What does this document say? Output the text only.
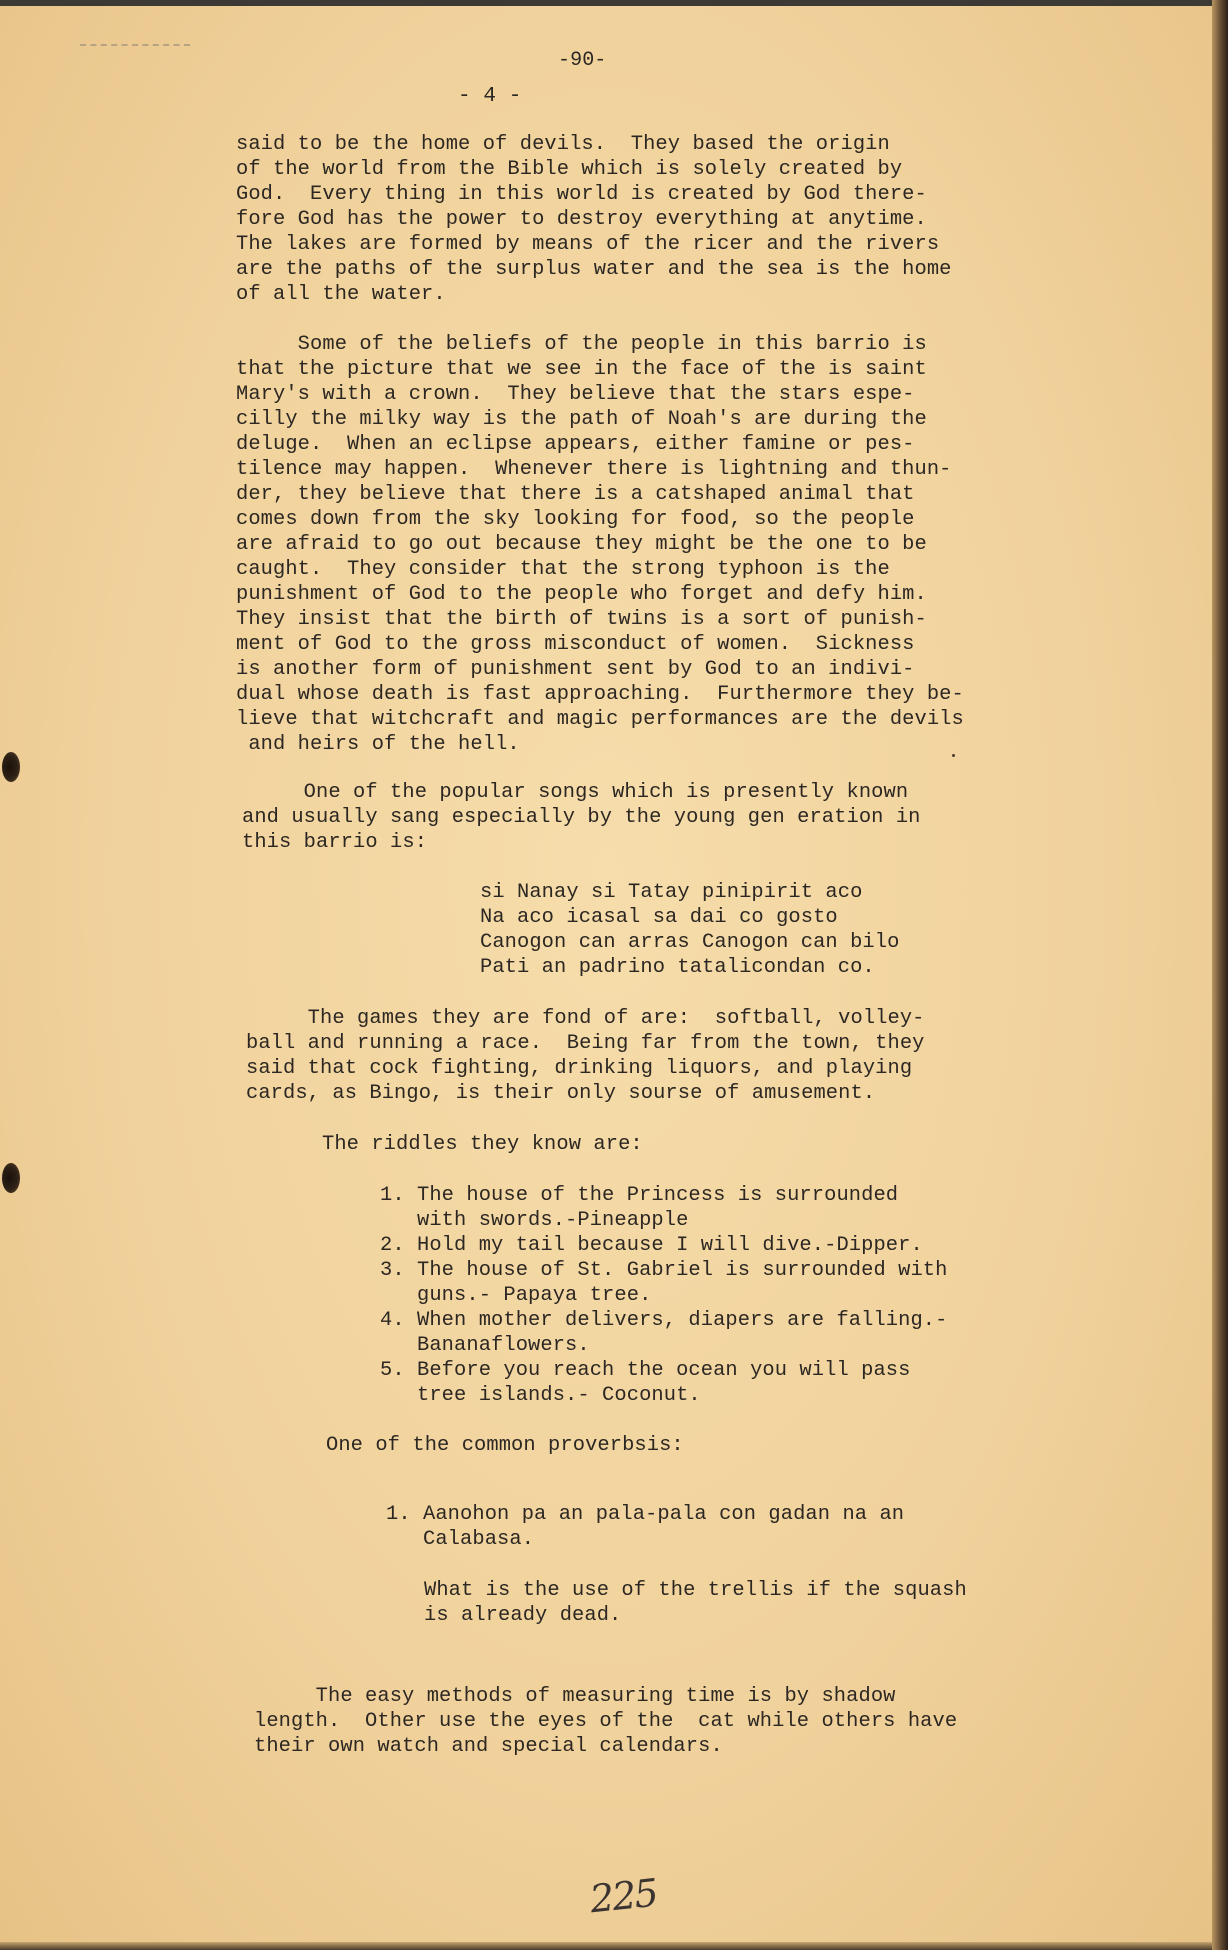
-90-

- 4 -

said to be the home of devils.  They based the origin
of the world from the Bible which is solely created by
God.  Every thing in this world is created by God there-
fore God has the power to destroy everything at anytime.
The lakes are formed by means of the ricer and the rivers
are the paths of the surplus water and the sea is the home
of all the water.

Some of the beliefs of the people in this barrio is
that the picture that we see in the face of the is saint
Mary's with a crown.  They believe that the stars espe-
cilly the milky way is the path of Noah's are during the
deluge.  When an eclipse appears, either famine or pes-
tilence may happen.  Whenever there is lightning and thun-
der, they believe that there is a catshaped animal that
comes down from the sky looking for food, so the people
are afraid to go out because they might be the one to be
caught.  They consider that the strong typhoon is the
punishment of God to the people who forget and defy him.
They insist that the birth of twins is a sort of punish-
ment of God to the gross misconduct of women.  Sickness
is another form of punishment sent by God to an indivi-
dual whose death is fast approaching.  Furthermore they be-
lieve that witchcraft and magic performances are the devils
and heirs of the hell.

One of the popular songs which is presently known
and usually sang especially by the young gen eration in
this barrio is:

si Nanay si Tatay pinipirit aco
Na aco icasal sa dai co gosto
Canogon can arras Canogon can bilo
Pati an padrino tatalicondan co.

The games they are fond of are:  softball, volley-
ball and running a race.  Being far from the town, they
said that cock fighting, drinking liquors, and playing
cards, as Bingo, is their only sourse of amusement.

The riddles they know are:

1. The house of the Princess is surrounded
with swords.-Pineapple
2. Hold my tail because I will dive.-Dipper.
3. The house of St. Gabriel is surrounded with
guns.- Papaya tree.
4. When mother delivers, diapers are falling.-
Bananaflowers.
5. Before you reach the ocean you will pass
tree islands.- Coconut.

One of the common proverbsis:

1. Aanohon pa an pala-pala con gadan na an
Calabasa.

What is the use of the trellis if the squash
is already dead.

The easy methods of measuring time is by shadow
length.  Other use the eyes of the  cat while others have
their own watch and special calendars.

225
